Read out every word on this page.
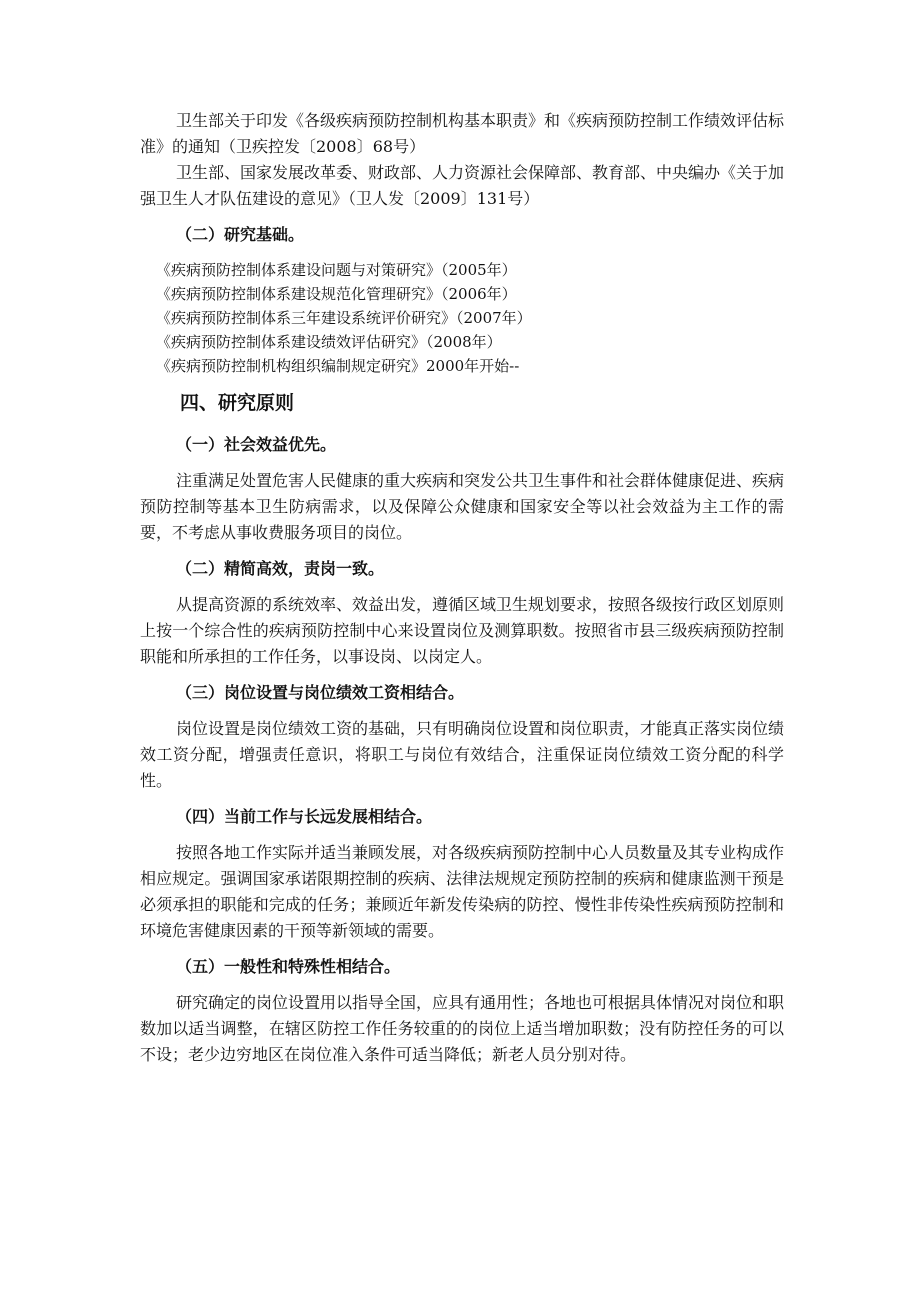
卫生部关于印发《各级疾病预防控制机构基本职责》和《疾病预防控制工作绩效评估标准》的通知（卫疾控发〔2008〕68号）

卫生部、国家发展改革委、财政部、人力资源社会保障部、教育部、中央编办《关于加强卫生人才队伍建设的意见》（卫人发〔2009〕131号）

（二）研究基础。

《疾病预防控制体系建设问题与对策研究》（2005年）

《疾病预防控制体系建设规范化管理研究》（2006年）

《疾病预防控制体系三年建设系统评价研究》（2007年）

《疾病预防控制体系建设绩效评估研究》（2008年）

《疾病预防控制机构组织编制规定研究》2000年开始--

四、研究原则
（一）社会效益优先。

注重满足处置危害人民健康的重大疾病和突发公共卫生事件和社会群体健康促进、疾病预防控制等基本卫生防病需求，以及保障公众健康和国家安全等以社会效益为主工作的需要，不考虑从事收费服务项目的岗位。

（二）精简高效，责岗一致。

从提高资源的系统效率、效益出发，遵循区域卫生规划要求，按照各级按行政区划原则上按一个综合性的疾病预防控制中心来设置岗位及测算职数。按照省市县三级疾病预防控制职能和所承担的工作任务，以事设岗、以岗定人。

（三）岗位设置与岗位绩效工资相结合。

岗位设置是岗位绩效工资的基础，只有明确岗位设置和岗位职责，才能真正落实岗位绩效工资分配，增强责任意识，将职工与岗位有效结合，注重保证岗位绩效工资分配的科学性。

（四）当前工作与长远发展相结合。

按照各地工作实际并适当兼顾发展，对各级疾病预防控制中心人员数量及其专业构成作相应规定。强调国家承诺限期控制的疾病、法律法规规定预防控制的疾病和健康监测干预是必须承担的职能和完成的任务；兼顾近年新发传染病的防控、慢性非传染性疾病预防控制和环境危害健康因素的干预等新领域的需要。

（五）一般性和特殊性相结合。

研究确定的岗位设置用以指导全国，应具有通用性；各地也可根据具体情况对岗位和职数加以适当调整，在辖区防控工作任务较重的的岗位上适当增加职数；没有防控任务的可以不设；老少边穷地区在岗位准入条件可适当降低；新老人员分别对待。
